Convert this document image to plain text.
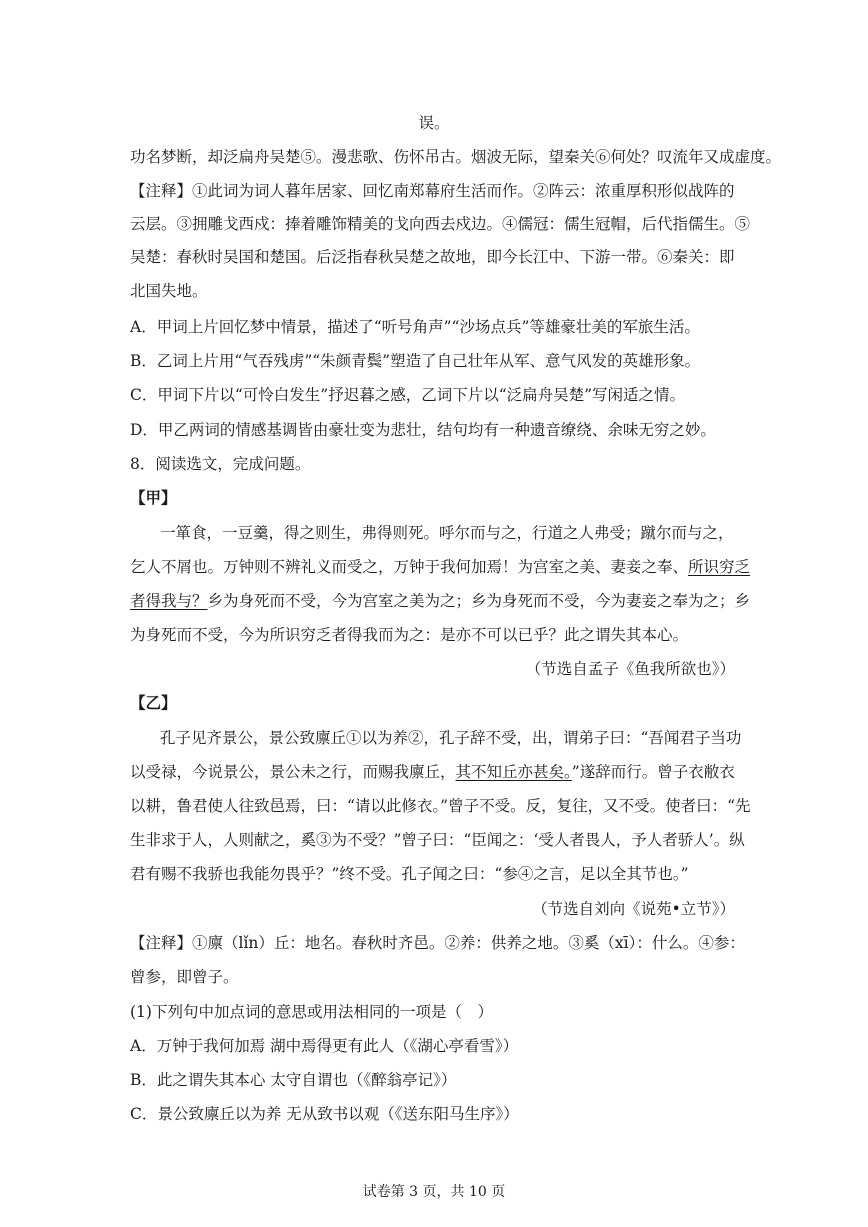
误。
功名梦断，却泛扁舟吴楚⑤。漫悲歌、伤怀吊古。烟波无际，望秦关⑥何处？叹流年又成虚度。
【注释】①此词为词人暮年居家、回忆南郑幕府生活而作。②阵云：浓重厚积形似战阵的
云层。③拥雕戈西戍：捧着雕饰精美的戈向西去戍边。④儒冠：儒生冠帽，后代指儒生。⑤
吴楚：春秋时吴国和楚国。后泛指春秋吴楚之故地，即今长江中、下游一带。⑥秦关：即
北国失地。
A．甲词上片回忆梦中情景，描述了“听号角声”“沙场点兵”等雄豪壮美的军旅生活。
B．乙词上片用“气吞残虏”“朱颜青鬓”塑造了自己壮年从军、意气风发的英雄形象。
C．甲词下片以“可怜白发生”抒迟暮之感，乙词下片以“泛扁舟吴楚”写闲适之情。
D．甲乙两词的情感基调皆由豪壮变为悲壮，结句均有一种遗音缭绕、余味无穷之妙。
8．阅读选文，完成问题。
【甲】
一箪食，一豆羹，得之则生，弗得则死。呼尔而与之，行道之人弗受；蹴尔而与之，
乞人不屑也。万钟则不辨礼义而受之，万钟于我何加焉！为宫室之美、妻妾之奉、所识穷乏
者得我与？乡为身死而不受，今为宫室之美为之；乡为身死而不受，今为妻妾之奉为之；乡
为身死而不受，今为所识穷乏者得我而为之：是亦不可以已乎？此之谓失其本心。
（节选自孟子《鱼我所欲也》）
【乙】
孔子见齐景公，景公致廪丘①以为养②，孔子辞不受，出，谓弟子曰：“吾闻君子当功
以受禄，今说景公，景公未之行，而赐我廪丘，其不知丘亦甚矣。”遂辞而行。曾子衣敝衣
以耕，鲁君使人往致邑焉，曰：“请以此修衣。”曾子不受。反，复往，又不受。使者曰：“先
生非求于人，人则献之，奚③为不受？”曾子曰：“臣闻之：‘受人者畏人，予人者骄人’。纵
君有赐不我骄也我能勿畏乎？”终不受。孔子闻之曰：“参④之言，足以全其节也。”
（节选自刘向《说苑•立节》）
【注释】①廪（lǐn）丘：地名。春秋时齐邑。②养：供养之地。③奚（xī）：什么。④参：
曾参，即曾子。
(1)下列句中加点词的意思或用法相同的一项是（　）
A．万钟于我何加焉 湖中焉得更有此人（《湖心亭看雪》）
B．此之谓失其本心 太守自谓也（《醉翁亭记》）
C．景公致廪丘以为养 无从致书以观（《送东阳马生序》）
试卷第 3 页，共 10 页
